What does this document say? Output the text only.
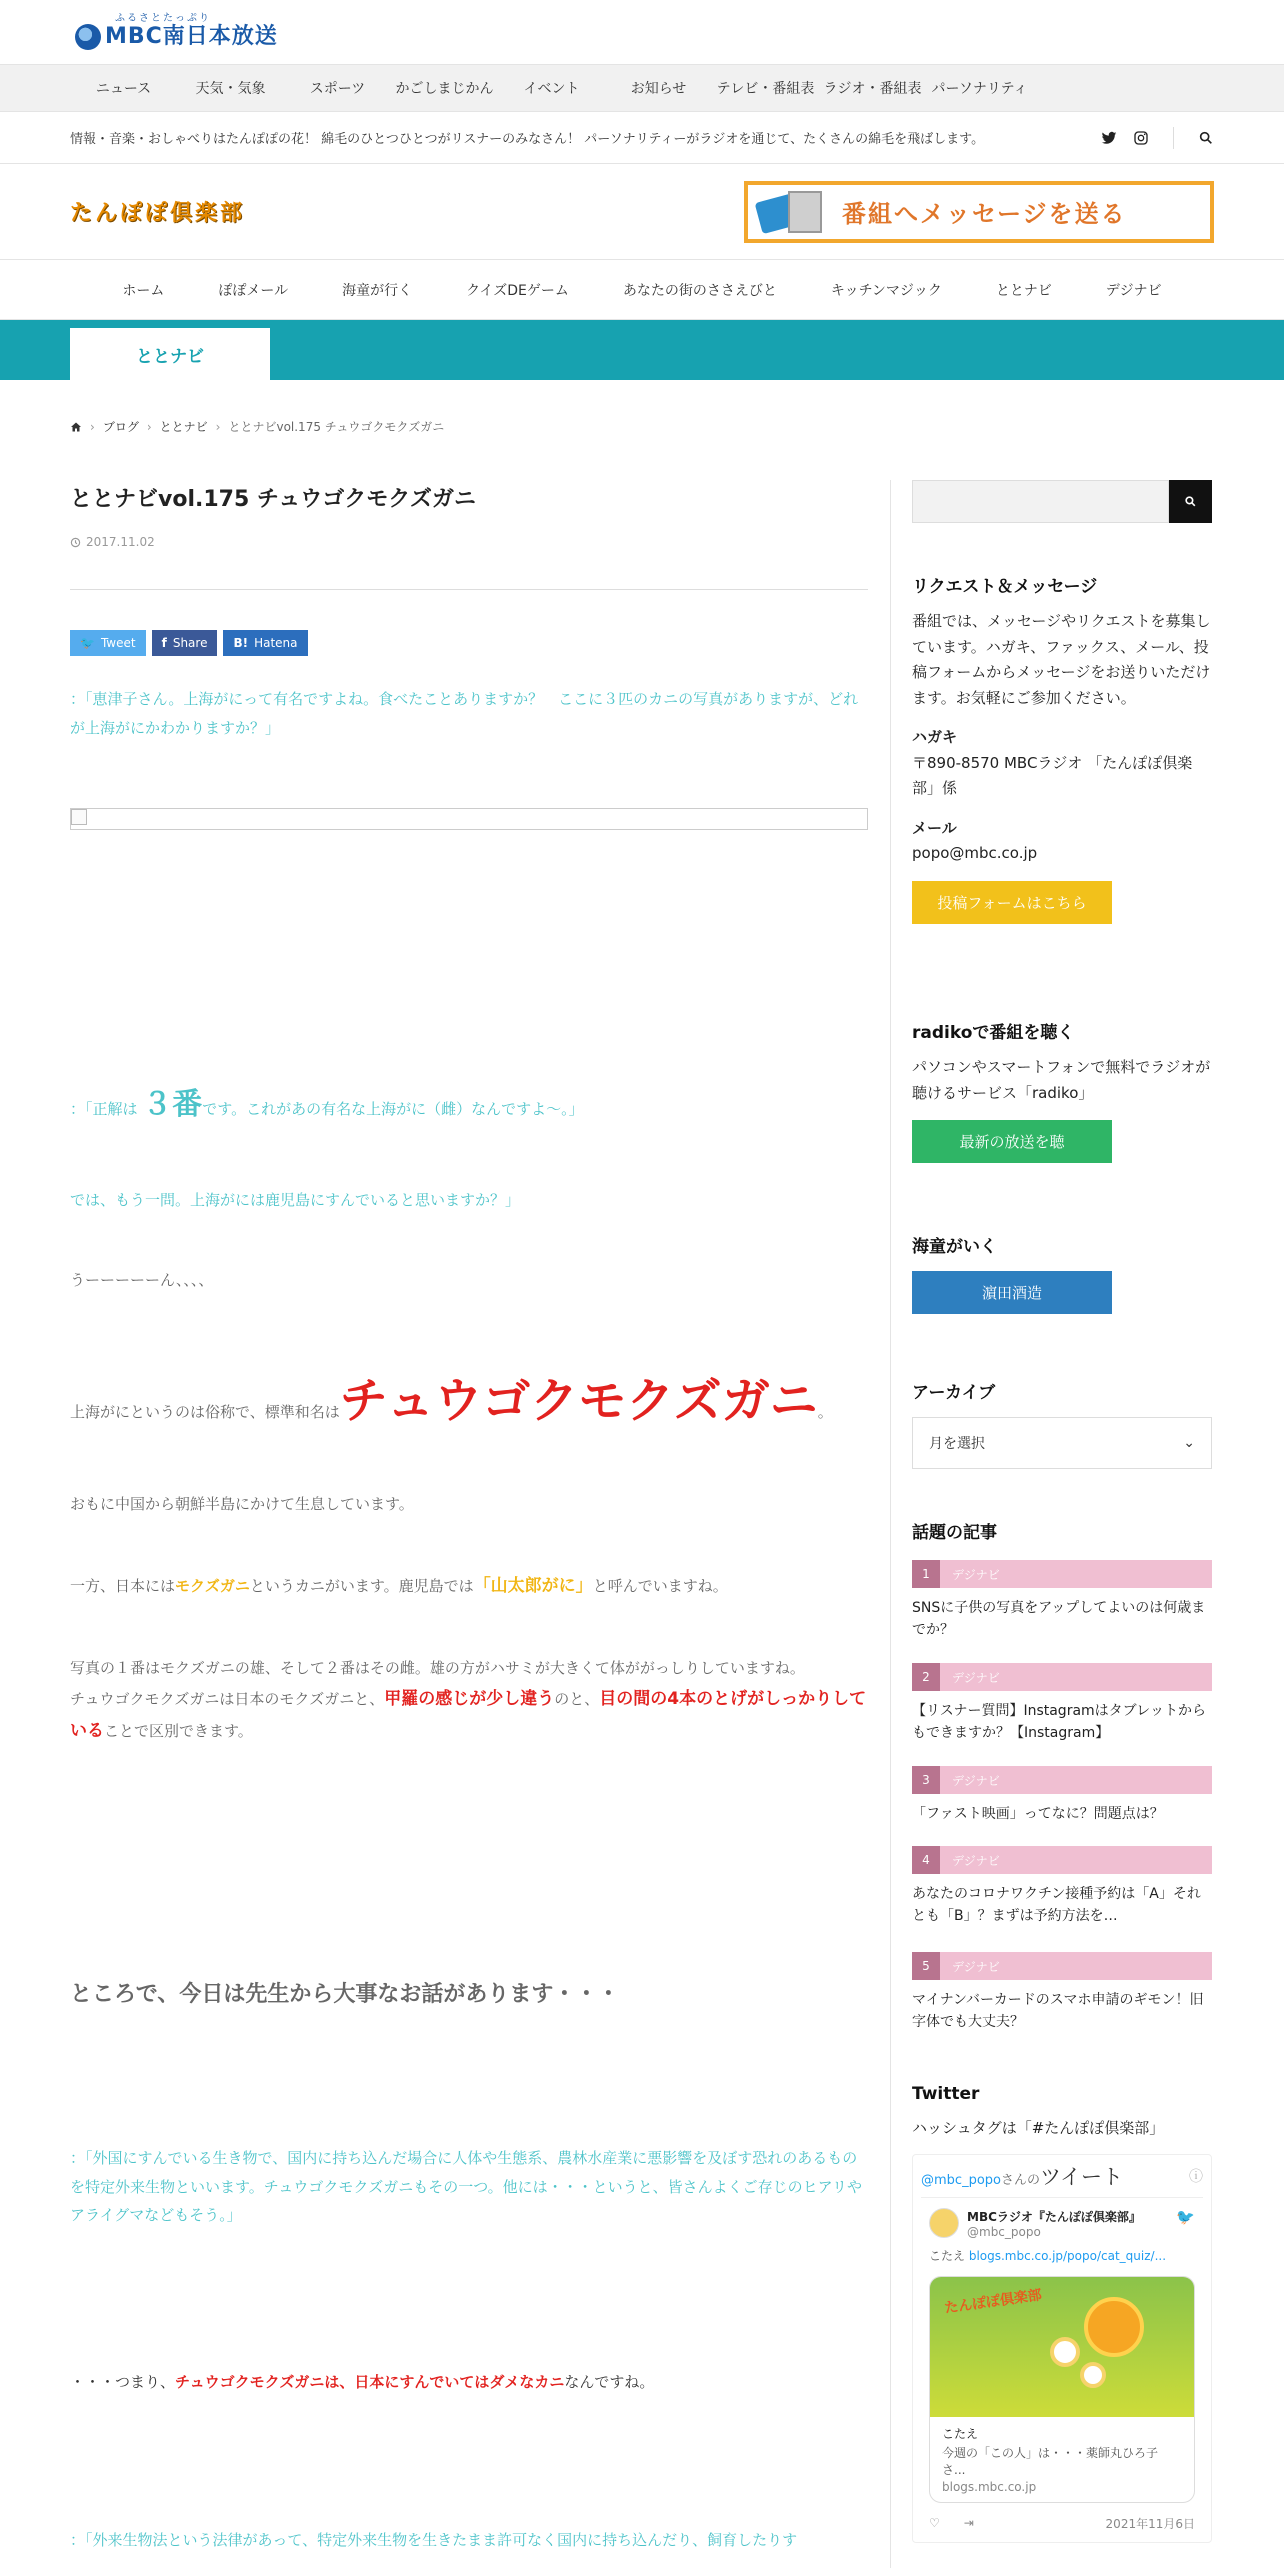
ふるさとたっぷり
MBC南日本放送
ニュース	天気・気象	スポーツ	かごしまじかん	イベント	お知らせ	テレビ・番組表 ラジオ・番組表 パーソナリティ
情報・音楽・おしゃべりはたんぽぽの花！ 綿毛のひとつひとつがリスナーのみなさん！ パーソナリティーがラジオを通じて、たくさんの綿毛を飛ばします。
たんぽぽ倶楽部	番組へメッセージを送る
ホーム	ぽぽメール	海童が行く	クイズDEゲーム	あなたの街のささえびと	キッチンマジック	ととナビ	デジナビ
ととナビ
› ブログ › ととナビ › ととナビvol.175 チュウゴクモクズガニ
ととナビvol.175 チュウゴクモクズガニ
2017.11.02
🐦 Tweet f Share B! Hatena
：「恵津子さん。上海がにって有名ですよね。食べたことありますか？　ここに３匹のカニの写真がありますが、どれが上海がにかわかりますか？」
：「正解は ３番です。これがあの有名な上海がに（雌）なんですよ～。」
では、もう一問。上海がには鹿児島にすんでいると思いますか？」
うーーーーーん、、、、
上海がにというのは俗称で、標準和名はチュウゴクモクズガニ。
おもに中国から朝鮮半島にかけて生息しています。
一方、日本にはモクズガニというカニがいます。鹿児島では「山太郎がに」と呼んでいますね。
写真の１番はモクズガニの雄、そして２番はその雌。雄の方がハサミが大きくて体ががっしりしていますね。
チュウゴクモクズガニは日本のモクズガニと、甲羅の感じが少し違うのと、目の間の4本のとげがしっかりしていることで区別できます。
ところで、今日は先生から大事なお話があります・・・
：「外国にすんでいる生き物で、国内に持ち込んだ場合に人体や生態系、農林水産業に悪影響を及ぼす恐れのあるものを特定外来生物といいます。チュウゴクモクズガニもその一つ。他には・・・というと、皆さんよくご存じのヒアリやアライグマなどもそう。」
・・・つまり、チュウゴクモクズガニは、日本にすんでいてはダメなカニなんですね。
：「外来生物法という法律があって、特定外来生物を生きたまま許可なく国内に持ち込んだり、飼育したりす
リクエスト＆メッセージ

番組では、メッセージやリクエストを募集しています。ハガキ、ファックス、メール、投稿フォームからメッセージをお送りいただけます。お気軽にご参加ください。

ハガキ

〒890-8570 MBCラジオ 「たんぽぽ倶楽部」係

メール

popo@mbc.co.jp

投稿フォームはこちら
radikoで番組を聴く

パソコンやスマートフォンで無料でラジオが聴けるサービス「radiko」

最新の放送を聴
海童がいく
濵田酒造
アーカイブ
月を選択	⌄
話題の記事
1	デジナビ
SNSに子供の写真をアップしてよいのは何歳までか？
2	デジナビ
【リスナー質問】Instagramはタブレットからもできますか？【Instagram】
3	デジナビ
「ファスト映画」ってなに？問題点は？
4	デジナビ
あなたのコロナワクチン接種予約は「A」それとも「B」？まずは予約方法を…
5	デジナビ
マイナンバーカードのスマホ申請のギモン！旧字体でも大丈夫？
Twitter

ハッシュタグは「#たんぽぽ倶楽部」

@mbc_popoさんのツイート	ⓘ
MBCラジオ『たんぽぽ倶楽部』
@mbc_popo
🐦
こたえ blogs.mbc.co.jp/popo/cat_quiz/...
たんぽぽ倶楽部
こたえ
今週の「この人」は・・・薬師丸ひろ子　さ...
blogs.mbc.co.jp
♡ ⇥	2021年11月6日
